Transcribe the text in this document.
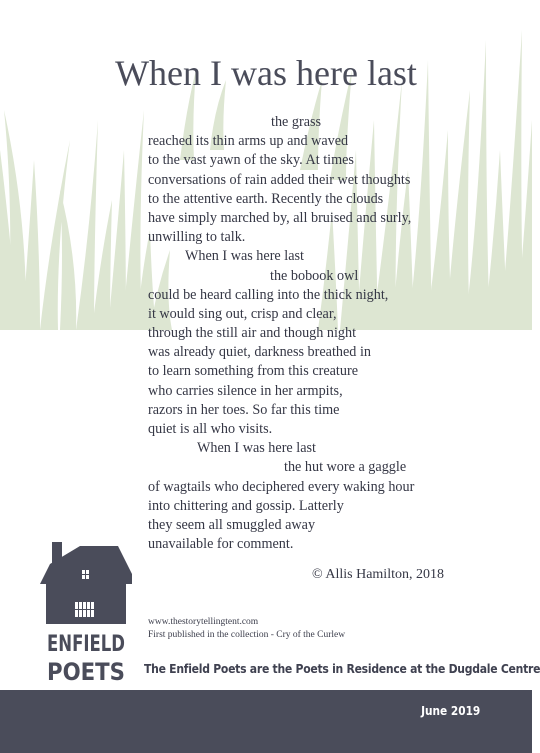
When I was here last
the grass
reached its thin arms up and waved
to the vast yawn of the sky. At times
conversations of rain added their wet thoughts
to the attentive earth. Recently the clouds
have simply marched by, all bruised and surly,
unwilling to talk.
When I was here last
the bobook owl
could be heard calling into the thick night,
it would sing out, crisp and clear,
through the still air and though night
was already quiet, darkness breathed in
to learn something from this creature
who carries silence in her armpits,
razors in her toes. So far this time
quiet is all who visits.
When I was here last
the hut wore a gaggle
of wagtails who deciphered every waking hour
into chittering and gossip. Latterly
they seem all smuggled away
unavailable for comment.
© Allis Hamilton, 2018
ENFIELD
POETS
www.thestorytellingtent.com
First published in the collection - Cry of the Curlew
The Enfield Poets are the Poets in Residence at the Dugdale Centre
June 2019
